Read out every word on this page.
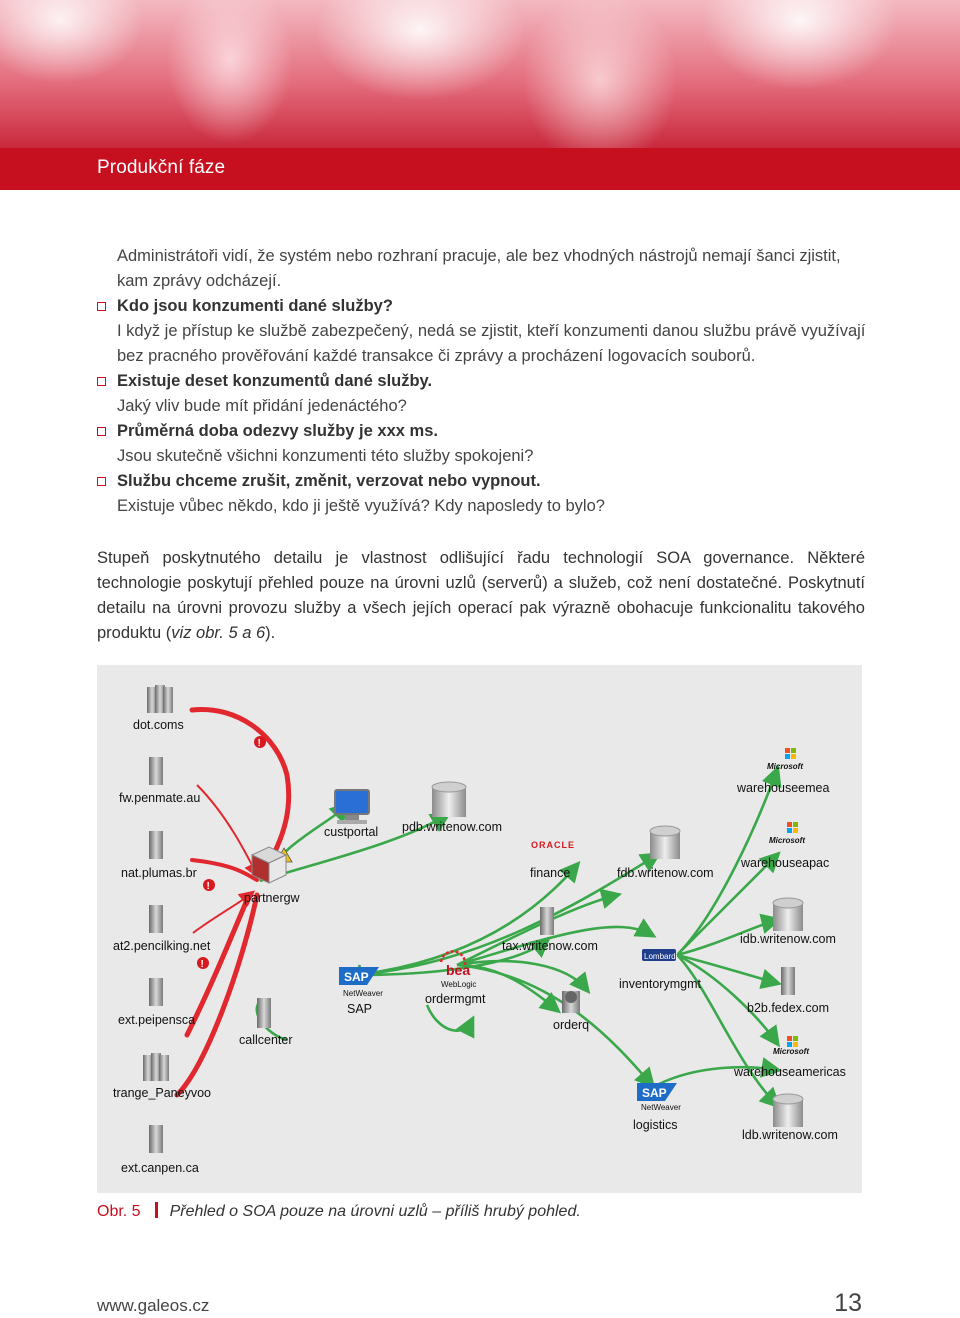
Produkční fáze
Administrátoři vidí, že systém nebo rozhraní pracuje, ale bez vhodných nástrojů nemají šanci zjistit, kam zprávy odcházejí.
Kdo jsou konzumenti dané služby?
I když je přístup ke službě zabezpečený, nedá se zjistit, kteří konzumenti danou službu právě využívají bez pracného prověřování každé transakce či zprávy a procházení logovacích souborů.
Existuje deset konzumentů dané služby.
Jaký vliv bude mít přidání jedenáctého?
Průměrná doba odezvy služby je xxx ms.
Jsou skutečně všichni konzumenti této služby spokojeni?
Službu chceme zrušit, změnit, verzovat nebo vypnout.
Existuje vůbec někdo, kdo ji ještě využívá? Kdy naposledy to bylo?
Stupeň poskytnutého detailu je vlastnost odlišující řadu technologií SOA governance. Některé technologie poskytují přehled pouze na úrovni uzlů (serverů) a služeb, což není dostatečné. Poskytnutí detailu na úrovni provozu služby a všech jejích operací pak výrazně obohacuje funkcionalitu takového produktu (viz obr. 5 a 6).
!
!
!
dot.coms
fw.penmate.au
nat.plumas.br
at2.pencilking.net
ext.peipensca
trange_Paneyvoo
ext.canpen.ca
custportal pdb.writenow.com
partnergw
callcenter
SAP
NetWeaver
SAP
bea
WebLogic
ordermgmt
orderq
ORACLE
finance	fdb.writenow.com
tax.writenow.com
Lombardi
inventorymgmt
SAP
NetWeaver
logistics
Microsoft
warehouseemea
Microsoft
warehouseapac
idb.writenow.com
b2b.fedex.com
Microsoft
warehouseamericas
ldb.writenow.com
Obr. 5 Přehled o SOA pouze na úrovni uzlů – příliš hrubý pohled.
www.galeos.cz	13
